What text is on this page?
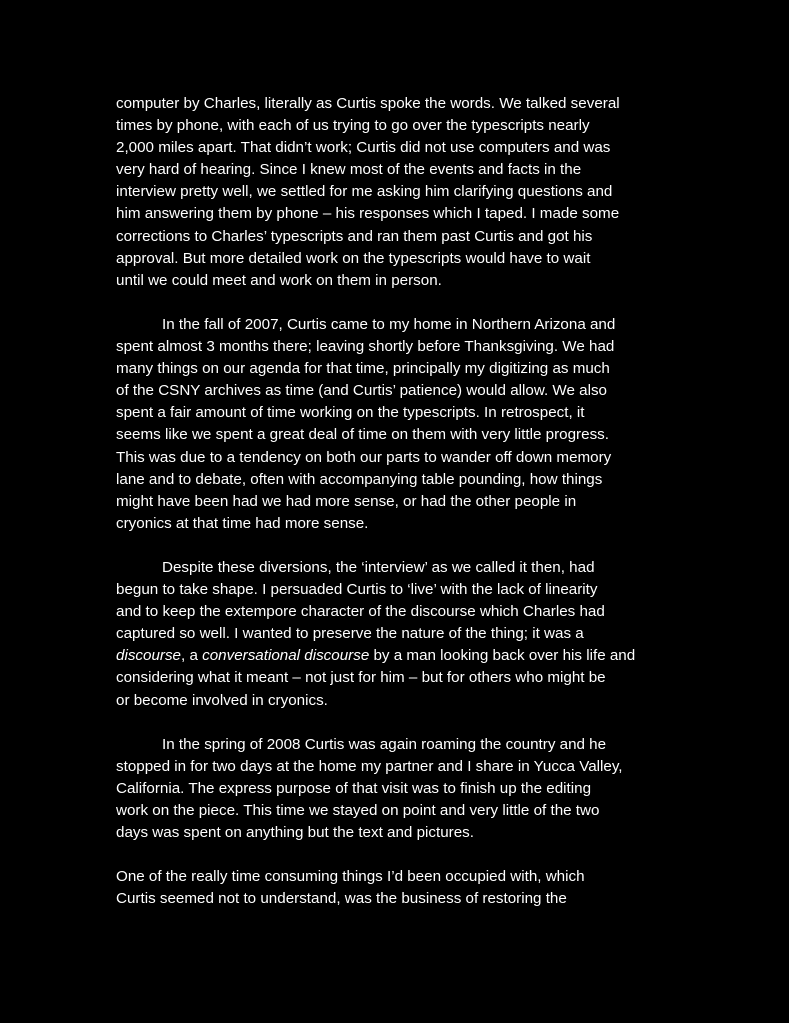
computer by Charles, literally as Curtis spoke the words. We talked several
times by phone, with each of us trying to go over the typescripts nearly
2,000 miles apart. That didn’t work; Curtis did not use computers and was
very hard of hearing. Since I knew most of the events and facts in the
interview pretty well, we settled for me asking him clarifying questions and
him answering them by phone – his responses which I taped. I made some
corrections to Charles’ typescripts and ran them past Curtis and got his
approval. But more detailed work on the typescripts would have to wait
until we could meet and work on them in person.
In the fall of 2007, Curtis came to my home in Northern Arizona and
spent almost 3 months there; leaving shortly before Thanksgiving. We had
many things on our agenda for that time, principally my digitizing as much
of the CSNY archives as time (and Curtis’ patience) would allow. We also
spent a fair amount of time working on the typescripts. In retrospect, it
seems like we spent a great deal of time on them with very little progress.
This was due to a tendency on both our parts to wander off down memory
lane and to debate, often with accompanying table pounding, how things
might have been had we had more sense, or had the other people in
cryonics at that time had more sense.
Despite these diversions, the ‘interview’ as we called it then, had
begun to take shape. I persuaded Curtis to ‘live’ with the lack of linearity
and to keep the extempore character of the discourse which Charles had
captured so well. I wanted to preserve the nature of the thing; it was a
discourse, a conversational discourse by a man looking back over his life and
considering what it meant – not just for him – but for others who might be
or become involved in cryonics.
In the spring of 2008 Curtis was again roaming the country and he
stopped in for two days at the home my partner and I share in Yucca Valley,
California. The express purpose of that visit was to finish up the editing
work on the piece. This time we stayed on point and very little of the two
days was spent on anything but the text and pictures.
One of the really time consuming things I’d been occupied with, which
Curtis seemed not to understand, was the business of restoring the
